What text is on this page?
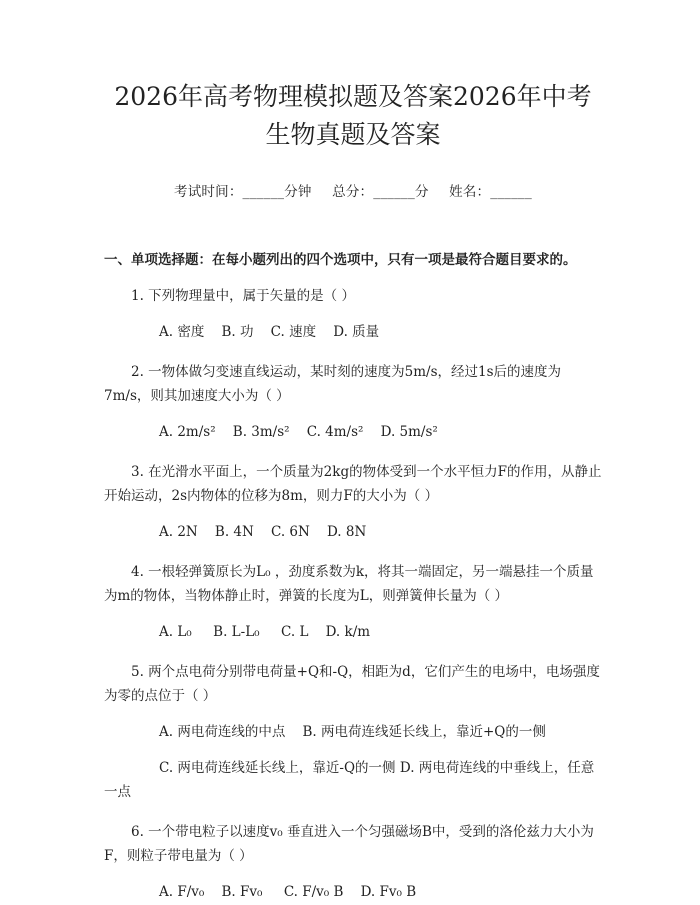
2026年高考物理模拟题及答案2026年中考生物真题及答案
考试时间：______分钟 总分：______分 姓名：______
一、单项选择题：在每小题列出的四个选项中，只有一项是最符合题目要求的。
1. 下列物理量中，属于矢量的是（ ）
A. 密度    B. 功    C. 速度    D. 质量
2. 一物体做匀变速直线运动，某时刻的速度为5m/s，经过1s后的速度为7m/s，则其加速度大小为（ ）
A. 2m/s²    B. 3m/s²    C. 4m/s²    D. 5m/s²
3. 在光滑水平面上，一个质量为2kg的物体受到一个水平恒力F的作用，从静止开始运动，2s内物体的位移为8m，则力F的大小为（ ）
A. 2N    B. 4N    C. 6N    D. 8N
4. 一根轻弹簧原长为L₀ ，劲度系数为k，将其一端固定，另一端悬挂一个质量为m的物体，当物体静止时，弹簧的长度为L，则弹簧伸长量为（ ）
A. L₀     B. L-L₀     C. L    D. k/m
5. 两个点电荷分别带电荷量+Q和-Q，相距为d，它们产生的电场中，电场强度为零的点位于（ ）
A. 两电荷连线的中点    B. 两电荷连线延长线上，靠近+Q的一侧
C. 两电荷连线延长线上，靠近-Q的一侧 D. 两电荷连线的中垂线上，任意一点
6. 一个带电粒子以速度v₀ 垂直进入一个匀强磁场B中，受到的洛伦兹力大小为F，则粒子带电量为（ ）
A. F/v₀    B. Fv₀     C. F/v₀ B    D. Fv₀ B
